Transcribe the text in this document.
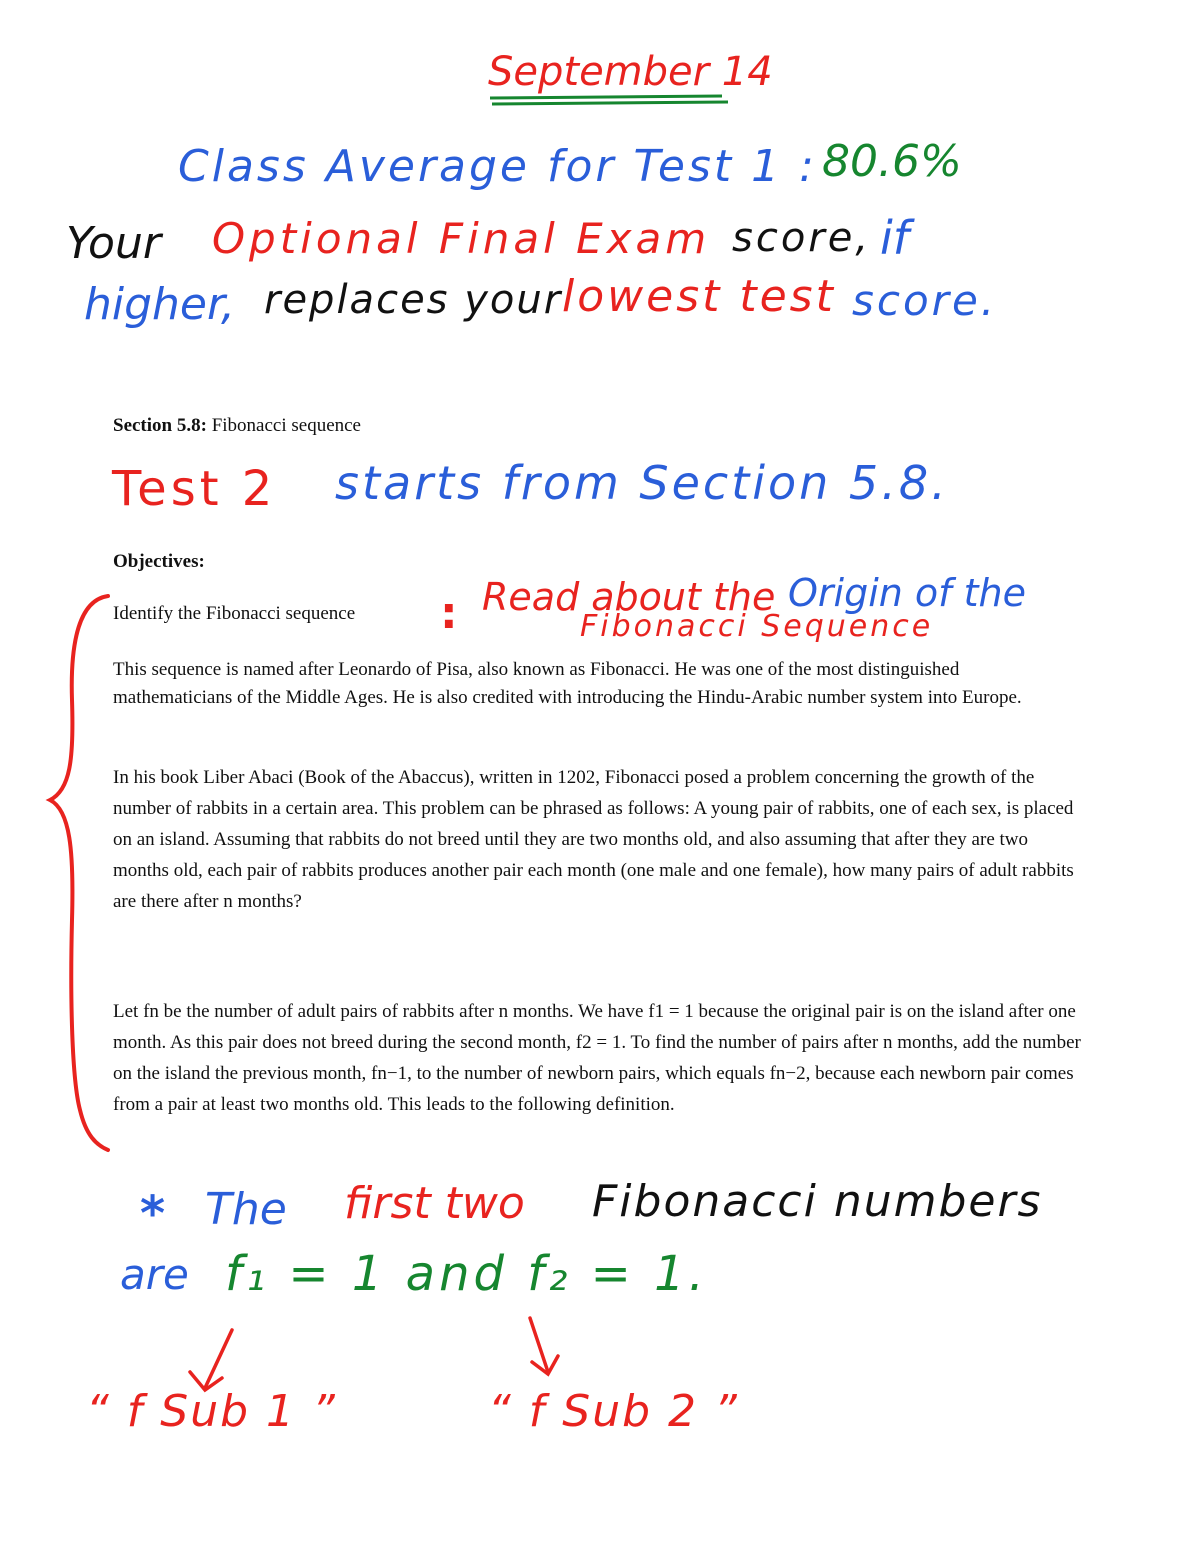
September 14
Class Average for Test 1 : 80.6%
Your Optional Final Exam score, if
higher, replaces your lowest test score.
Section 5.8: Fibonacci sequence
Test 2 starts from Section 5.8.
Objectives:
Identify the Fibonacci sequence : Read about the Origin of the
Fibonacci Sequence

This sequence is named after Leonardo of Pisa, also known as Fibonacci. He was one of the most distinguished mathematicians of the Middle Ages. He is also credited with introducing the Hindu-Arabic number system into Europe.

In his book Liber Abaci (Book of the Abaccus), written in 1202, Fibonacci posed a problem concerning the growth of the number of rabbits in a certain area. This problem can be phrased as follows: A young pair of rabbits, one of each sex, is placed on an island. Assuming that rabbits do not breed until they are two months old, and also assuming that after they are two months old, each pair of rabbits produces another pair each month (one male and one female), how many pairs of adult rabbits are there after n months?

Let fn be the number of adult pairs of rabbits after n months. We have f1 = 1 because the original pair is on the island after one month. As this pair does not breed during the second month, f2 = 1. To find the number of pairs after n months, add the number on the island the previous month, fn−1, to the number of newborn pairs, which equals fn−2, because each newborn pair comes from a pair at least two months old. This leads to the following definition.

* The first two Fibonacci numbers
are f₁ = 1 and f₂ = 1.
“ f Sub 1 ”	“ f Sub 2 ”
